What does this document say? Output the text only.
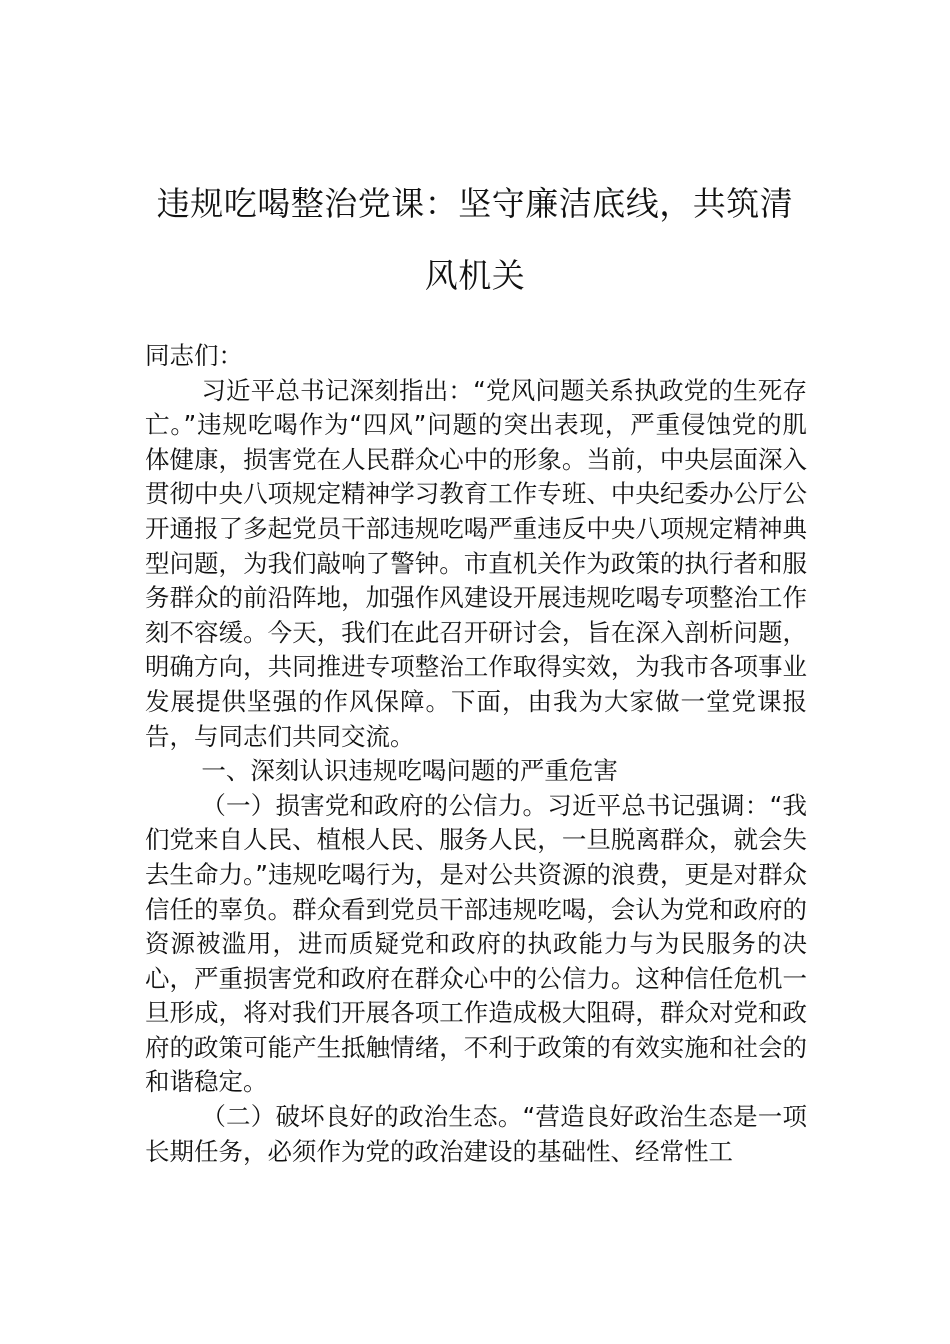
违规吃喝整治党课：坚守廉洁底线，共筑清风机关

同志们：

习近平总书记深刻指出：“党风问题关系执政党的生死存亡。”违规吃喝作为“四风”问题的突出表现，严重侵蚀党的肌体健康，损害党在人民群众心中的形象。当前，中央层面深入贯彻中央八项规定精神学习教育工作专班、中央纪委办公厅公开通报了多起党员干部违规吃喝严重违反中央八项规定精神典型问题，为我们敲响了警钟。市直机关作为政策的执行者和服务群众的前沿阵地，加强作风建设开展违规吃喝专项整治工作刻不容缓。今天，我们在此召开研讨会，旨在深入剖析问题，明确方向，共同推进专项整治工作取得实效，为我市各项事业发展提供坚强的作风保障。下面，由我为大家做一堂党课报告，与同志们共同交流。

一、深刻认识违规吃喝问题的严重危害

（一）损害党和政府的公信力。习近平总书记强调：“我们党来自人民、植根人民、服务人民，一旦脱离群众，就会失去生命力。”违规吃喝行为，是对公共资源的浪费，更是对群众信任的辜负。群众看到党员干部违规吃喝，会认为党和政府的资源被滥用，进而质疑党和政府的执政能力与为民服务的决心，严重损害党和政府在群众心中的公信力。这种信任危机一旦形成，将对我们开展各项工作造成极大阻碍，群众对党和政府的政策可能产生抵触情绪，不利于政策的有效实施和社会的和谐稳定。

（二）破坏良好的政治生态。“营造良好政治生态是一项长期任务，必须作为党的政治建设的基础性、经常性工
